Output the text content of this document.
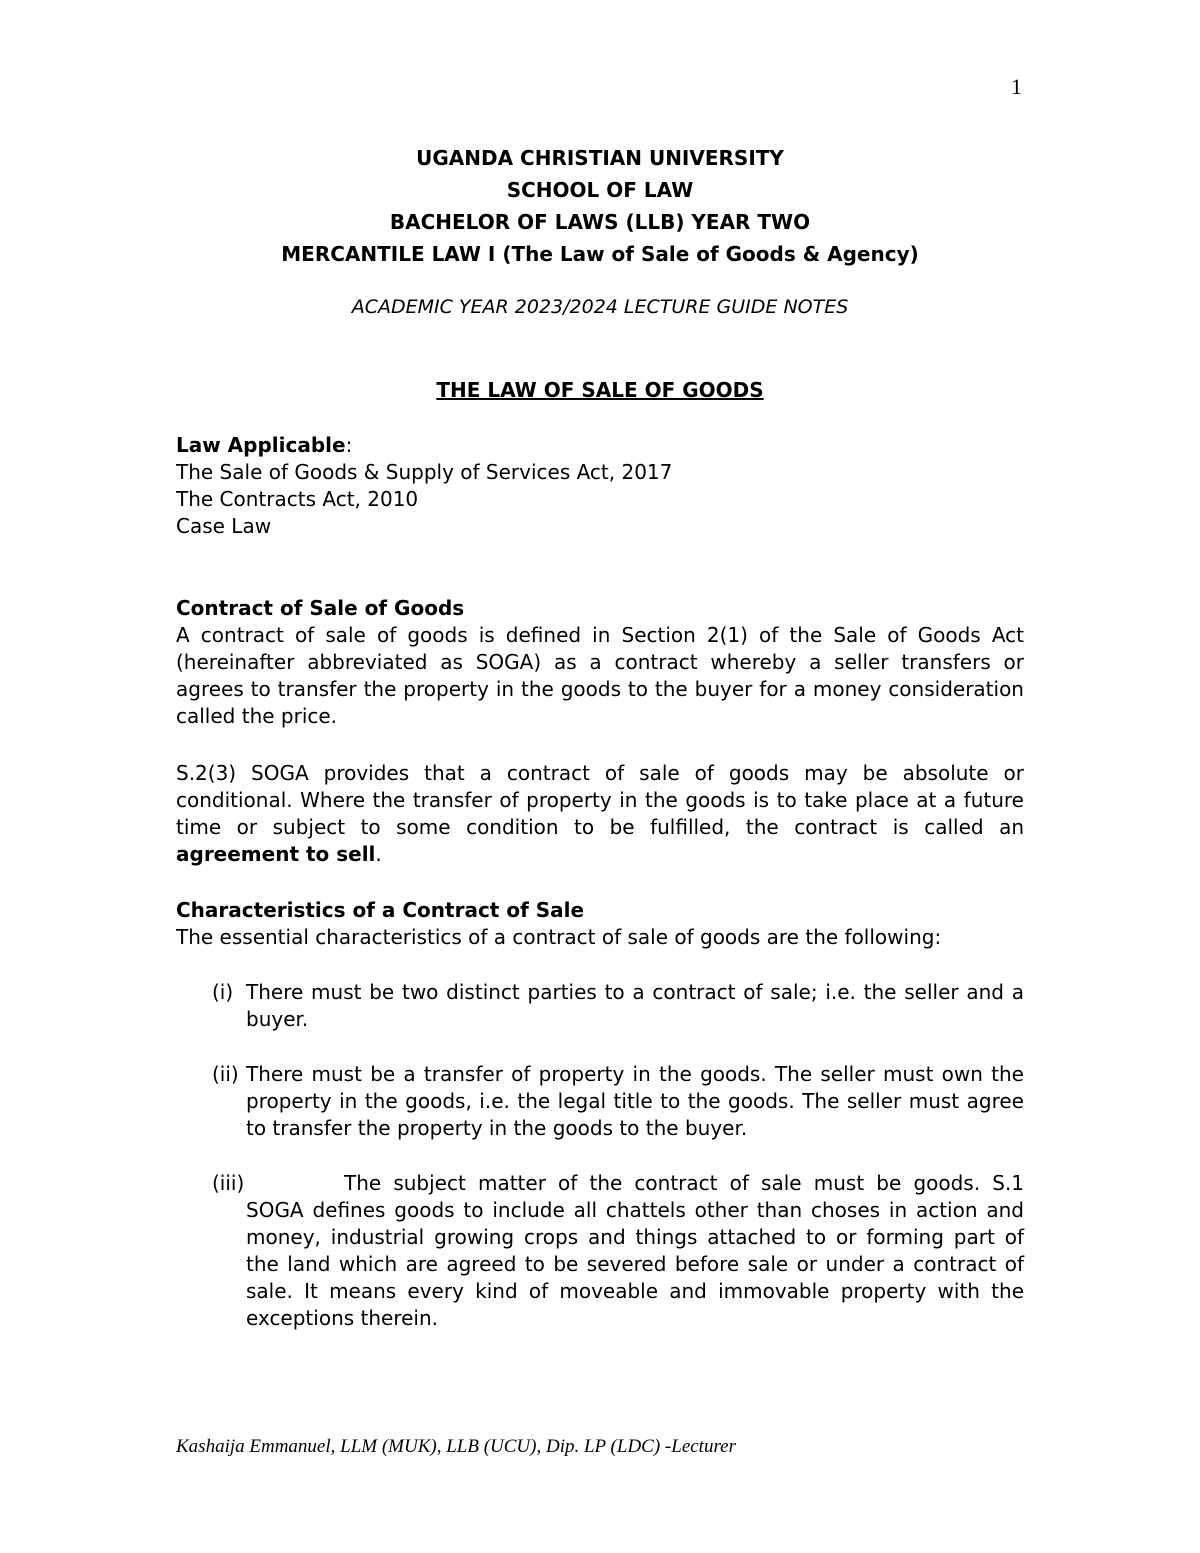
1
UGANDA CHRISTIAN UNIVERSITY
SCHOOL OF LAW
BACHELOR OF LAWS (LLB) YEAR TWO
MERCANTILE LAW I (The Law of Sale of Goods & Agency)
ACADEMIC YEAR 2023/2024 LECTURE GUIDE NOTES
THE LAW OF SALE OF GOODS
Law Applicable:
The Sale of Goods & Supply of Services Act, 2017
The Contracts Act, 2010
Case Law
Contract of Sale of Goods
A contract of sale of goods is defined in Section 2(1) of the Sale of Goods Act (hereinafter abbreviated as SOGA) as a contract whereby a seller transfers or agrees to transfer the property in the goods to the buyer for a money consideration called the price.
S.2(3) SOGA provides that a contract of sale of goods may be absolute or conditional. Where the transfer of property in the goods is to take place at a future time or subject to some condition to be fulfilled, the contract is called an agreement to sell.
Characteristics of a Contract of Sale
The essential characteristics of a contract of sale of goods are the following:
(i) There must be two distinct parties to a contract of sale; i.e. the seller and a buyer.
(ii) There must be a transfer of property in the goods. The seller must own the property in the goods, i.e. the legal title to the goods. The seller must agree to transfer the property in the goods to the buyer.
(iii)	The subject matter of the contract of sale must be goods. S.1 SOGA defines goods to include all chattels other than choses in action and money, industrial growing crops and things attached to or forming part of the land which are agreed to be severed before sale or under a contract of sale. It means every kind of moveable and immovable property with the exceptions therein.
Kashaija Emmanuel, LLM (MUK), LLB (UCU), Dip. LP (LDC) -Lecturer
